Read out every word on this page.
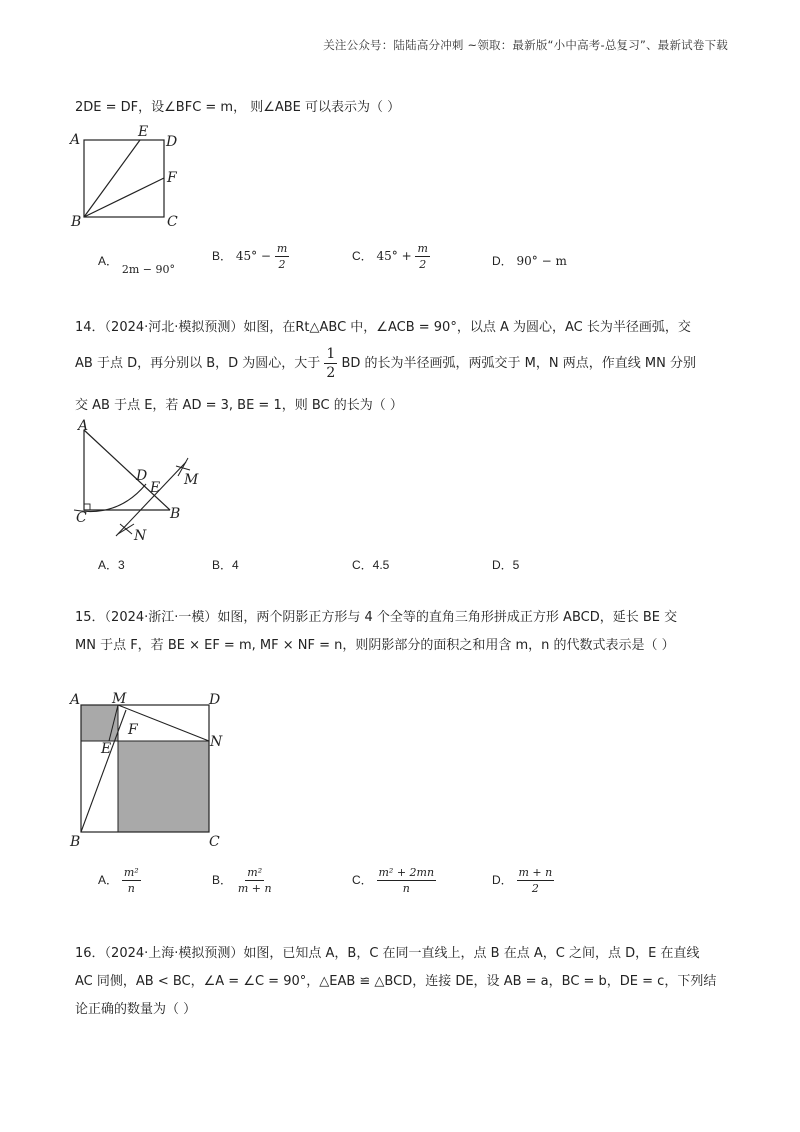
关注公众号：陆陆高分冲刺 ~领取：最新版“小中高考-总复习”、最新试卷下载
2DE = DF，设∠BFC = m， 则∠ABE 可以表示为（ ）
A	E
D
F
B	C
A． 2m − 90°
B． $45^\circ - \frac{m}{2}$	C． $45^\circ + \frac{m}{2}$	D． 90° − m
14．（2024·河北·模拟预测）如图，在Rt△ABC 中，∠ACB = 90°，以点 A 为圆心，AC 长为半径画弧，交
AB 于点 D，再分别以 B，D 为圆心，大于 $\frac{1}{2}$ BD 的长为半径画弧，两弧交于 M，N 两点，作直线 MN 分别
交 AB 于点 E，若 AD = 3, BE = 1，则 BC 的长为（ ）
A
D
E M
C	B
N
A．3	B．4	C．4.5	D．5
15．（2024·浙江·一模）如图，两个阴影正方形与 4 个全等的直角三角形拼成正方形 ABCD，延长 BE 交
MN 于点 F，若 BE × EF = m, MF × NF = n，则阴影部分的面积之和用含 m，n 的代数式表示是（ ）
A M	D
F
E	N
B	C
A． $\frac{\text{m²}}{n}$	B． $\frac{\text{m²}}{m + n}$	C． $\frac{\text{m² + 2mn}}{n}$	D． $\frac{m + n}{2}$
16．（2024·上海·模拟预测）如图，已知点 A，B，C 在同一直线上，点 B 在点 A，C 之间，点 D，E 在直线
AC 同侧，AB < BC，∠A = ∠C = 90°，△EAB ≌ △BCD，连接 DE，设 AB = a，BC = b，DE = c，下列结
论正确的数量为（ ）
